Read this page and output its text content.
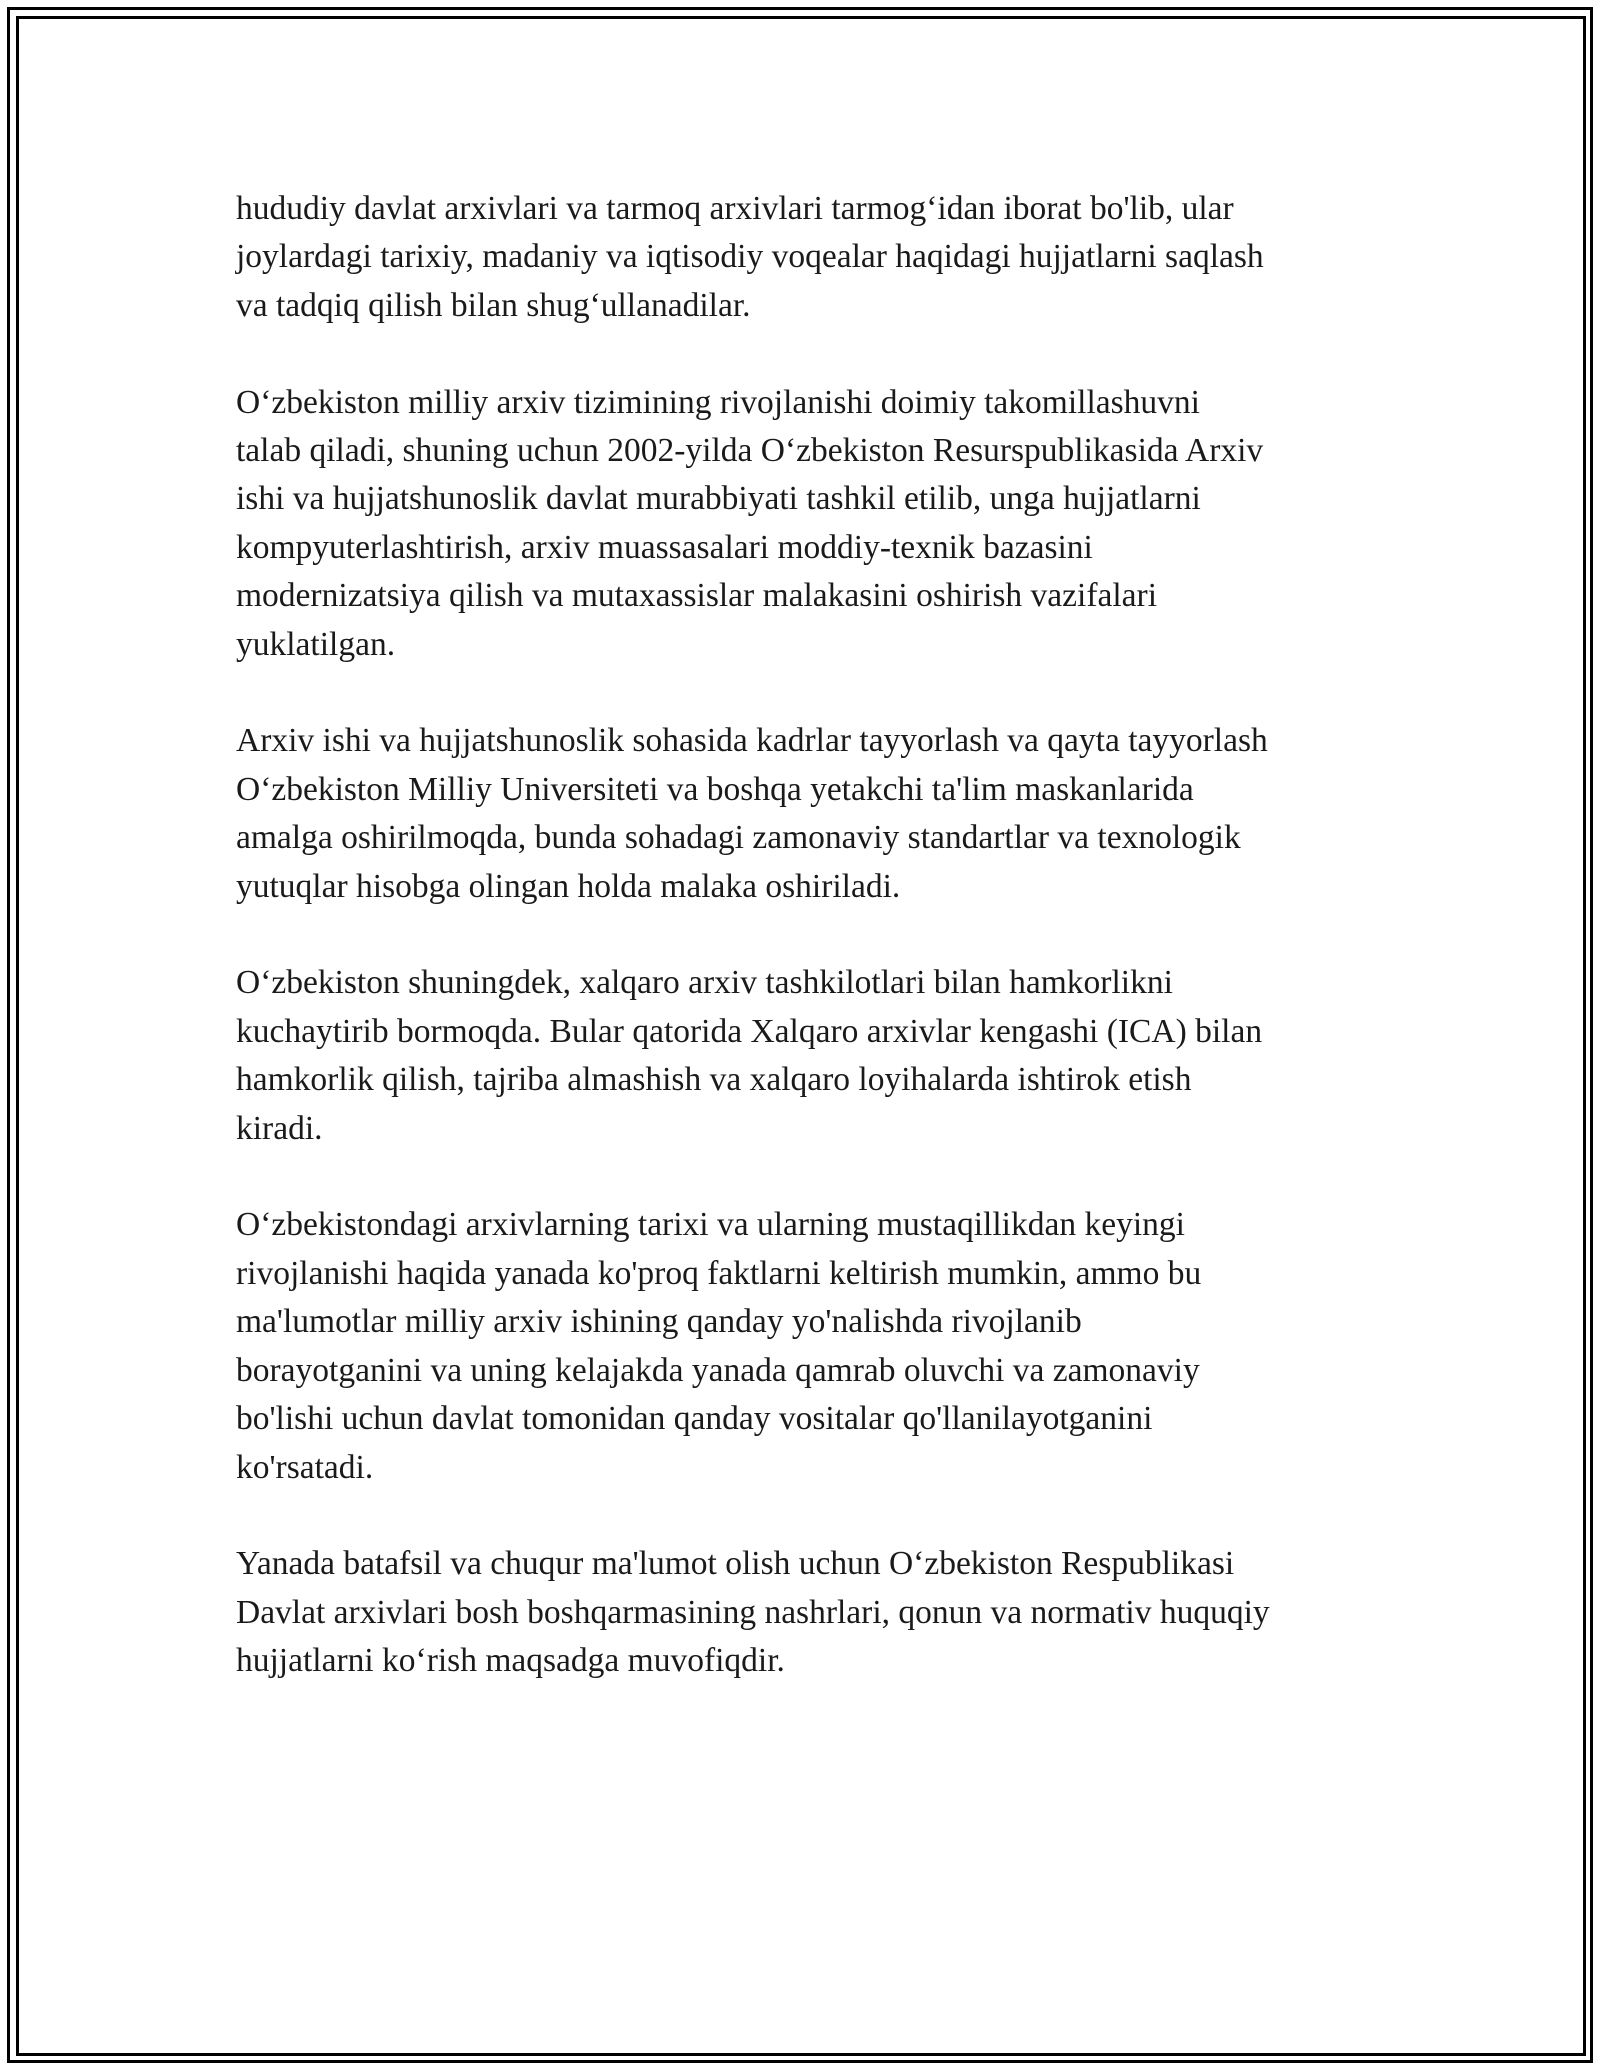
hududiy davlat arxivlari va tarmoq arxivlari tarmog‘idan iborat bo'lib, ular
joylardagi tarixiy, madaniy va iqtisodiy voqealar haqidagi hujjatlarni saqlash
va tadqiq qilish bilan shug‘ullanadilar.

O‘zbekiston milliy arxiv tizimining rivojlanishi doimiy takomillashuvni
talab qiladi, shuning uchun 2002-yilda O‘zbekiston Resurspublikasida Arxiv
ishi va hujjatshunoslik davlat murabbiyati tashkil etilib, unga hujjatlarni
kompyuterlashtirish, arxiv muassasalari moddiy-texnik bazasini
modernizatsiya qilish va mutaxassislar malakasini oshirish vazifalari
yuklatilgan.

Arxiv ishi va hujjatshunoslik sohasida kadrlar tayyorlash va qayta tayyorlash
O‘zbekiston Milliy Universiteti va boshqa yetakchi ta'lim maskanlarida
amalga oshirilmoqda, bunda sohadagi zamonaviy standartlar va texnologik
yutuqlar hisobga olingan holda malaka oshiriladi.

O‘zbekiston shuningdek, xalqaro arxiv tashkilotlari bilan hamkorlikni
kuchaytirib bormoqda. Bular qatorida Xalqaro arxivlar kengashi (ICA) bilan
hamkorlik qilish, tajriba almashish va xalqaro loyihalarda ishtirok etish
kiradi.

O‘zbekistondagi arxivlarning tarixi va ularning mustaqillikdan keyingi
rivojlanishi haqida yanada ko'proq faktlarni keltirish mumkin, ammo bu
ma'lumotlar milliy arxiv ishining qanday yo'nalishda rivojlanib
borayotganini va uning kelajakda yanada qamrab oluvchi va zamonaviy
bo'lishi uchun davlat tomonidan qanday vositalar qo'llanilayotganini
ko'rsatadi.

Yanada batafsil va chuqur ma'lumot olish uchun O‘zbekiston Respublikasi
Davlat arxivlari bosh boshqarmasining nashrlari, qonun va normativ huquqiy
hujjatlarni ko‘rish maqsadga muvofiqdir.
